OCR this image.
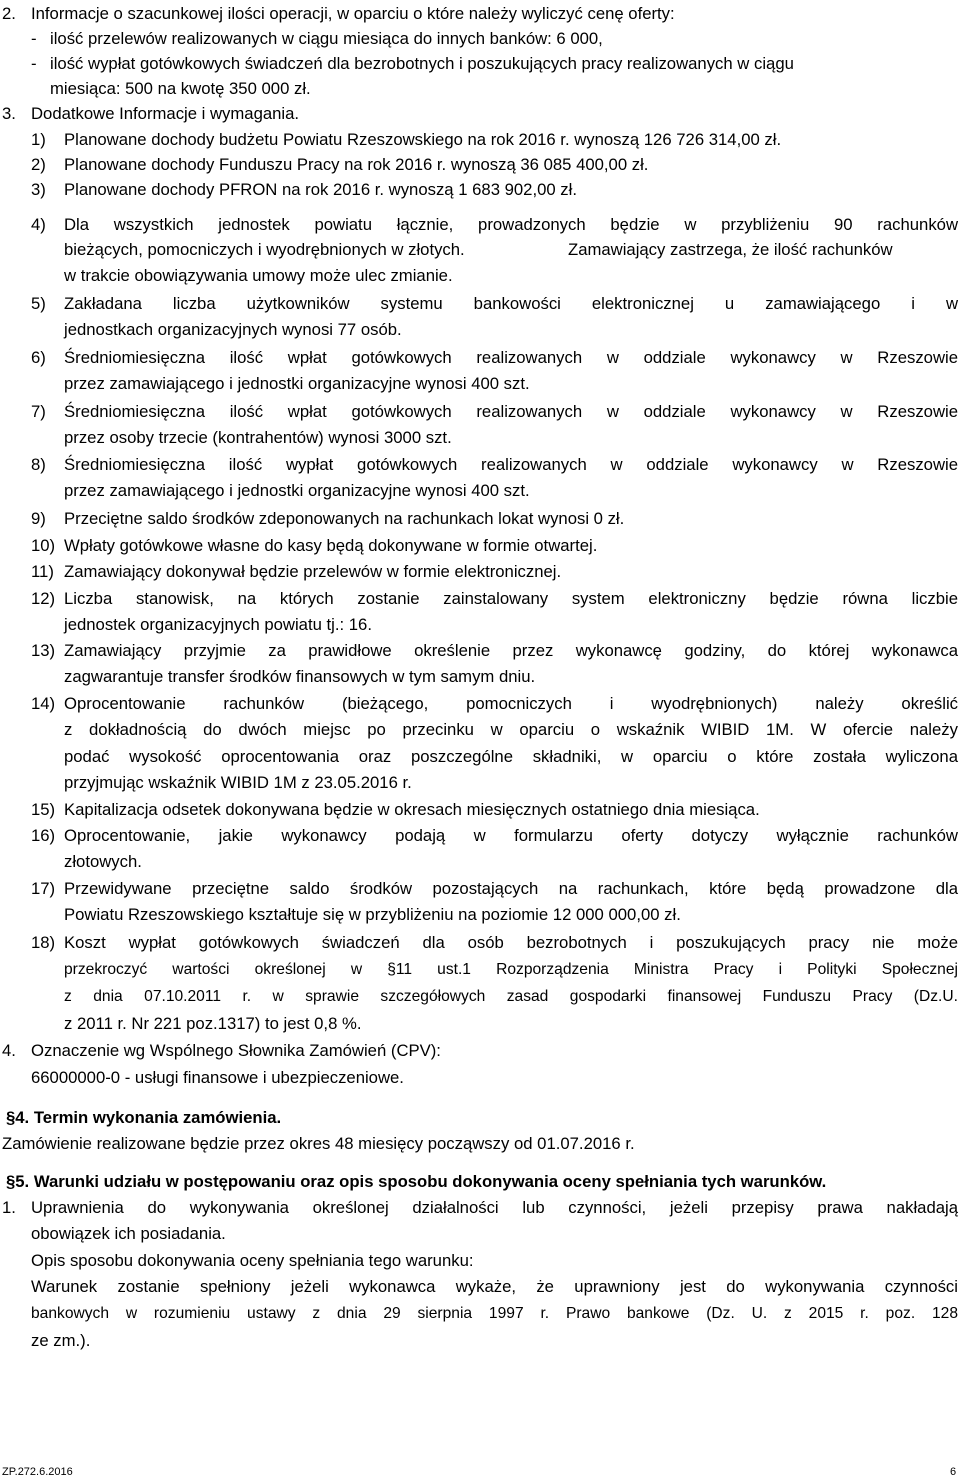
2. Informacje o szacunkowej ilości operacji, w oparciu o które należy wyliczyć cenę oferty:
- ilość przelewów realizowanych w ciągu miesiąca do innych banków: 6 000,
- ilość wypłat gotówkowych świadczeń dla bezrobotnych i poszukujących pracy realizowanych w ciągu
miesiąca: 500 na kwotę 350 000 zł.
3. Dodatkowe Informacje i wymagania.
1) Planowane dochody budżetu Powiatu Rzeszowskiego na rok 2016 r. wynoszą 126 726 314,00 zł.
2) Planowane dochody Funduszu Pracy na rok 2016 r. wynoszą 36 085 400,00 zł.
3) Planowane dochody PFRON na rok 2016 r. wynoszą 1 683 902,00 zł.
4) Dla wszystkich jednostek powiatu łącznie, prowadzonych będzie w przybliżeniu 90 rachunków
bieżących, pomocniczych i wyodrębnionych w złotych.	Zamawiający zastrzega, że ilość rachunków
w trakcie obowiązywania umowy może ulec zmianie.
5) Zakładana liczba użytkowników systemu bankowości elektronicznej u zamawiającego i w
jednostkach organizacyjnych wynosi 77 osób.
6) Średniomiesięczna ilość wpłat gotówkowych realizowanych w oddziale wykonawcy w Rzeszowie
przez zamawiającego i jednostki organizacyjne wynosi 400 szt.
7) Średniomiesięczna ilość wpłat gotówkowych realizowanych w oddziale wykonawcy w Rzeszowie
przez osoby trzecie (kontrahentów) wynosi 3000 szt.
8) Średniomiesięczna ilość wypłat gotówkowych realizowanych w oddziale wykonawcy w Rzeszowie
przez zamawiającego i jednostki organizacyjne wynosi 400 szt.
9) Przeciętne saldo środków zdeponowanych na rachunkach lokat wynosi 0 zł.
10) Wpłaty gotówkowe własne do kasy będą dokonywane w formie otwartej.
11) Zamawiający dokonywał będzie przelewów w formie elektronicznej.
12) Liczba stanowisk, na których zostanie zainstalowany system elektroniczny będzie równa liczbie
jednostek organizacyjnych powiatu tj.: 16.
13) Zamawiający przyjmie za prawidłowe określenie przez wykonawcę godziny, do której wykonawca
zagwarantuje transfer środków finansowych w tym samym dniu.
14) Oprocentowanie rachunków (bieżącego, pomocniczych i wyodrębnionych) należy określić
z dokładnością do dwóch miejsc po przecinku w oparciu o wskaźnik WIBID 1M. W ofercie należy
podać wysokość oprocentowania oraz poszczególne składniki, w oparciu o które została wyliczona
przyjmując wskaźnik WIBID 1M z 23.05.2016 r.
15) Kapitalizacja odsetek dokonywana będzie w okresach miesięcznych ostatniego dnia miesiąca.
16) Oprocentowanie, jakie wykonawcy podają w formularzu oferty dotyczy wyłącznie rachunków
złotowych.
17) Przewidywane przeciętne saldo środków pozostających na rachunkach, które będą prowadzone dla
Powiatu Rzeszowskiego kształtuje się w przybliżeniu na poziomie 12 000 000,00 zł.
18) Koszt wypłat gotówkowych świadczeń dla osób bezrobotnych i poszukujących pracy nie może
przekroczyć wartości określonej w §11 ust.1 Rozporządzenia Ministra Pracy i Polityki Społecznej
z dnia 07.10.2011 r. w sprawie szczegółowych zasad gospodarki finansowej Funduszu Pracy (Dz.U.
z 2011 r. Nr 221 poz.1317) to jest 0,8 %.
4. Oznaczenie wg Wspólnego Słownika Zamówień (CPV):
66000000-0 - usługi finansowe i ubezpieczeniowe.
§4. Termin wykonania zamówienia.
Zamówienie realizowane będzie przez okres 48 miesięcy począwszy od 01.07.2016 r.
§5. Warunki udziału w postępowaniu oraz opis sposobu dokonywania oceny spełniania tych warunków.
1. Uprawnienia do wykonywania określonej działalności lub czynności, jeżeli przepisy prawa nakładają
obowiązek ich posiadania.
Opis sposobu dokonywania oceny spełniania tego warunku:
Warunek zostanie spełniony jeżeli wykonawca wykaże, że uprawniony jest do wykonywania czynności
bankowych w rozumieniu ustawy z dnia 29 sierpnia 1997 r. Prawo bankowe (Dz. U. z 2015 r. poz. 128
ze zm.).
ZP.272.6.2016	6
